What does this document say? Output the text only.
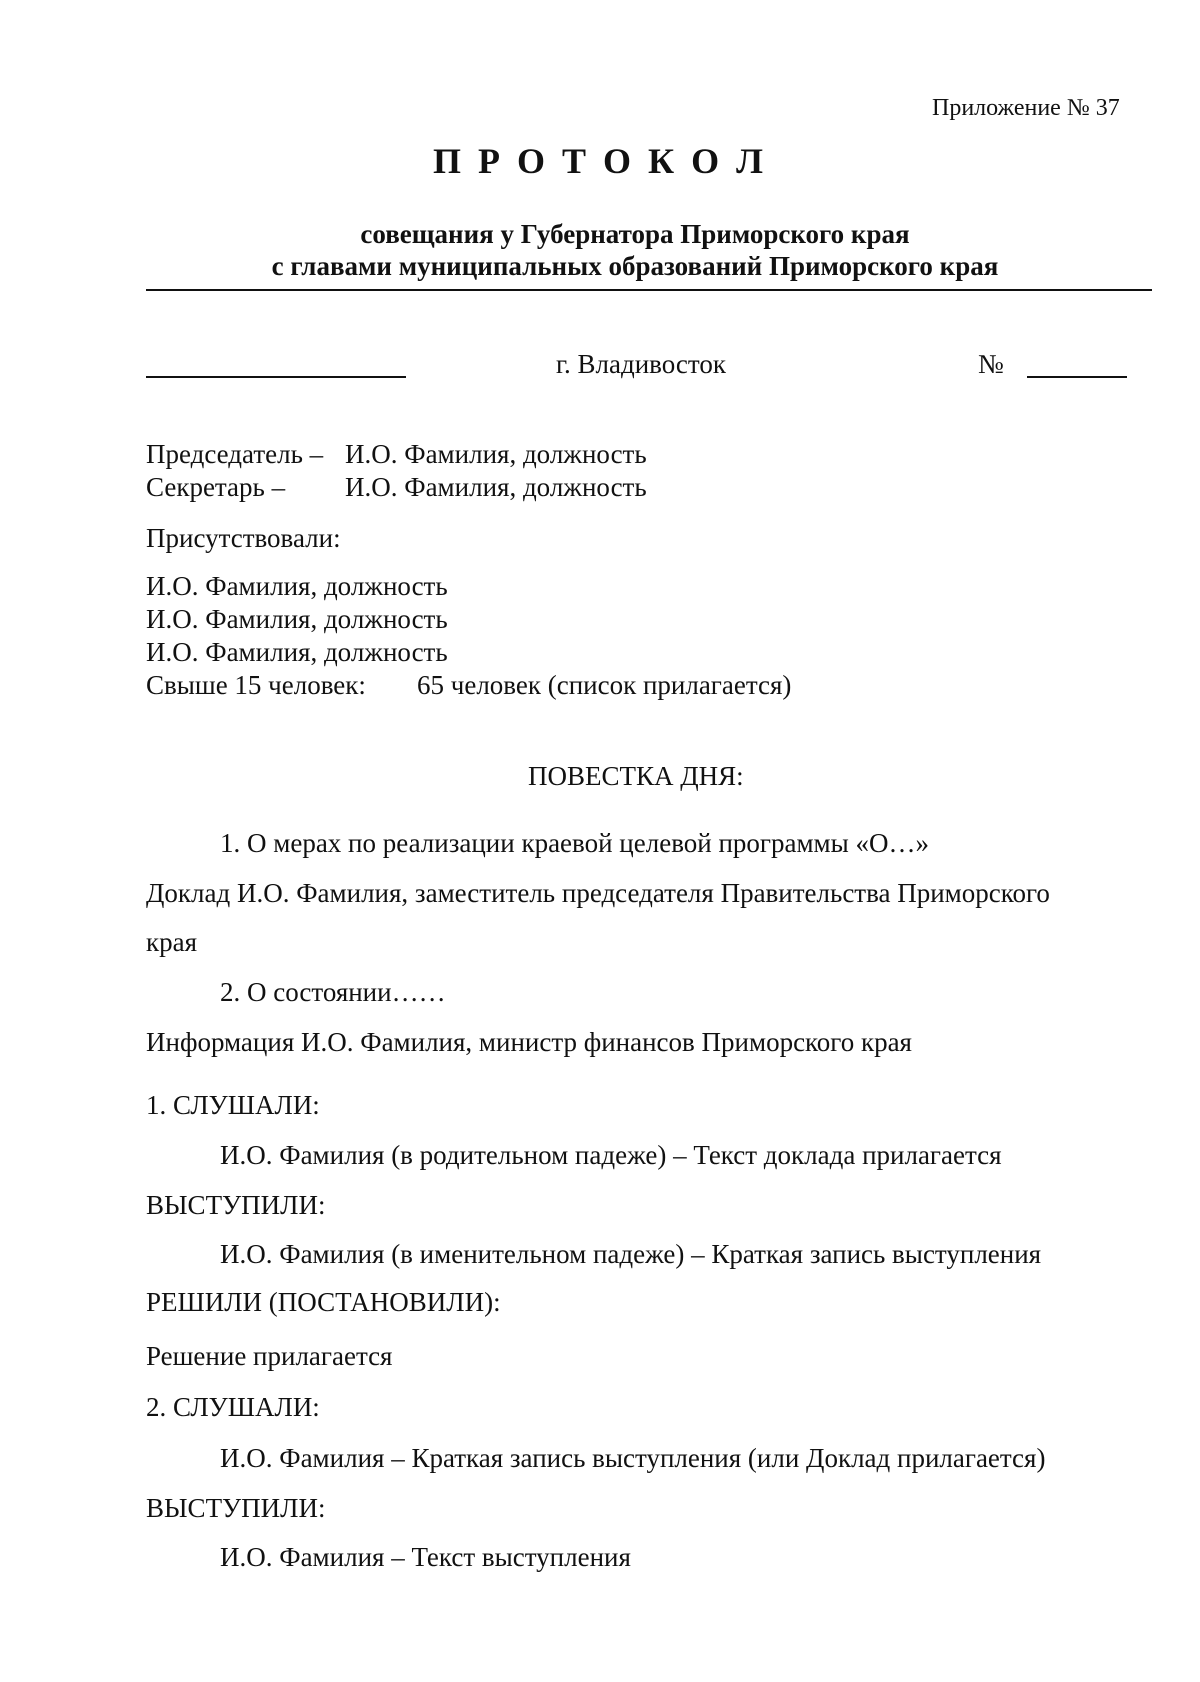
Приложение № 37
П Р О Т О К О Л
совещания у Губернатора Приморского края
с главами муниципальных образований Приморского края
г. Владивосток	№
Председатель – И.О. Фамилия, должность
Секретарь – И.О. Фамилия, должность
Присутствовали:
И.О. Фамилия, должность
И.О. Фамилия, должность
И.О. Фамилия, должность
Свыше 15 человек: 65 человек (список прилагается)
ПОВЕСТКА ДНЯ:
1. О мерах по реализации краевой целевой программы «О…»
Доклад И.О. Фамилия, заместитель председателя Правительства Приморского
края
2. О состоянии……
Информация И.О. Фамилия, министр финансов Приморского края
1. СЛУШАЛИ:
И.О. Фамилия (в родительном падеже) – Текст доклада прилагается
ВЫСТУПИЛИ:
И.О. Фамилия (в именительном падеже) – Краткая запись выступления
РЕШИЛИ (ПОСТАНОВИЛИ):
Решение прилагается
2. СЛУШАЛИ:
И.О. Фамилия – Краткая запись выступления (или Доклад прилагается)
ВЫСТУПИЛИ:
И.О. Фамилия – Текст выступления
